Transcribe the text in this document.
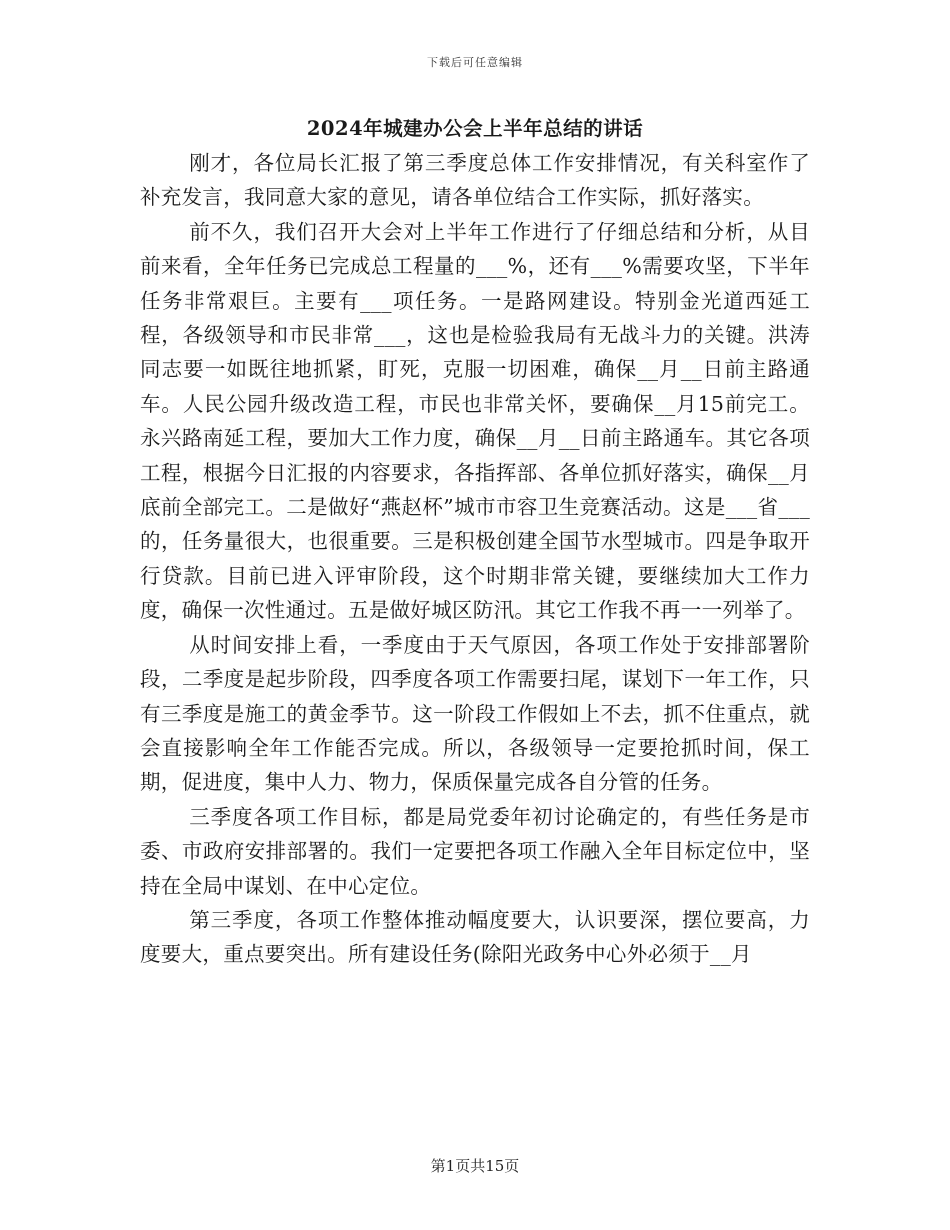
下载后可任意编辑
2024年城建办公会上半年总结的讲话

刚才，各位局长汇报了第三季度总体工作安排情况，有关科室作了补充发言，我同意大家的意见，请各单位结合工作实际，抓好落实。

前不久，我们召开大会对上半年工作进行了仔细总结和分析，从目前来看，全年任务已完成总工程量的___%，还有___%需要攻坚，下半年任务非常艰巨。主要有___项任务。一是路网建设。特别金光道西延工程，各级领导和市民非常___，这也是检验我局有无战斗力的关键。洪涛同志要一如既往地抓紧，盯死，克服一切困难，确保__月__日前主路通车。人民公园升级改造工程，市民也非常关怀，要确保__月15前完工。永兴路南延工程，要加大工作力度，确保__月__日前主路通车。其它各项工程，根据今日汇报的内容要求，各指挥部、各单位抓好落实，确保__月底前全部完工。二是做好“燕赵杯”城市市容卫生竞赛活动。这是___省___的，任务量很大，也很重要。三是积极创建全国节水型城市。四是争取开行贷款。目前已进入评审阶段，这个时期非常关键，要继续加大工作力度，确保一次性通过。五是做好城区防汛。其它工作我不再一一列举了。

从时间安排上看，一季度由于天气原因，各项工作处于安排部署阶段，二季度是起步阶段，四季度各项工作需要扫尾，谋划下一年工作，只有三季度是施工的黄金季节。这一阶段工作假如上不去，抓不住重点，就会直接影响全年工作能否完成。所以，各级领导一定要抢抓时间，保工期，促进度，集中人力、物力，保质保量完成各自分管的任务。

三季度各项工作目标，都是局党委年初讨论确定的，有些任务是市委、市政府安排部署的。我们一定要把各项工作融入全年目标定位中，坚持在全局中谋划、在中心定位。

第三季度，各项工作整体推动幅度要大，认识要深，摆位要高，力度要大，重点要突出。所有建设任务(除阳光政务中心外必须于__月

第1页共15页
